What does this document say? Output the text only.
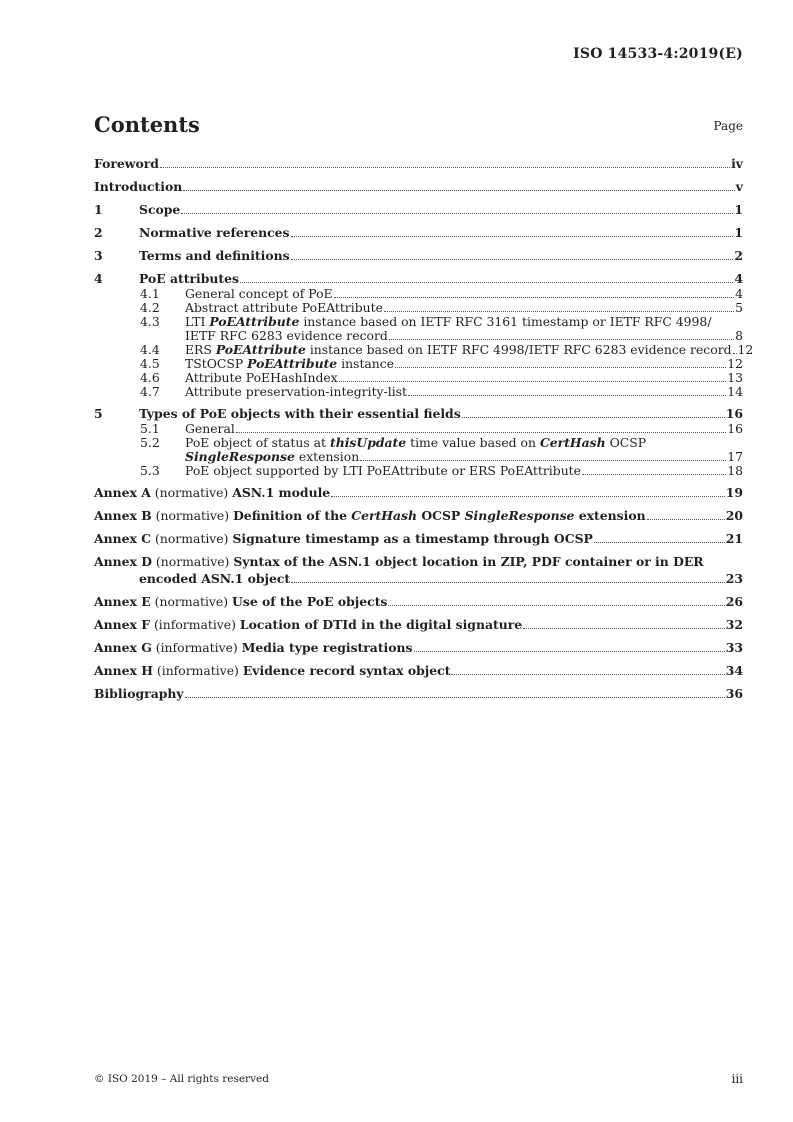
ISO 14533-4:2019(E)
Contents	Page
Foreword	iv
Introduction	v
1	Scope	1
2	Normative references	1
3	Terms and definitions	2
4	PoE attributes	4
4.1 General concept of PoE	4
4.2 Abstract attribute PoEAttribute	5
4.3 LTI PoEAttribute instance based on IETF RFC 3161 timestamp or IETF RFC 4998/
IETF RFC 6283 evidence record	8
4.4 ERS PoEAttribute instance based on IETF RFC 4998/IETF RFC 6283 evidence record 12
4.5 TStOCSP PoEAttribute instance	12
4.6 Attribute PoEHashIndex	13
4.7 Attribute preservation-integrity-list	14
5	Types of PoE objects with their essential fields	16
5.1 General	16
5.2 PoE object of status at thisUpdate time value based on CertHash OCSP
SingleResponse extension	17
5.3 PoE object supported by LTI PoEAttribute or ERS PoEAttribute	18
Annex A (normative) ASN.1 module	19
Annex B (normative) Definition of the CertHash OCSP SingleResponse extension	20
Annex C (normative) Signature timestamp as a timestamp through OCSP	21
Annex D (normative) Syntax of the ASN.1 object location in ZIP, PDF container or in DER
encoded ASN.1 object	23
Annex E (normative) Use of the PoE objects	26
Annex F (informative) Location of DTId in the digital signature	32
Annex G (informative) Media type registrations	33
Annex H (informative) Evidence record syntax object	34
Bibliography	36
© ISO 2019 – All rights reserved	iii
